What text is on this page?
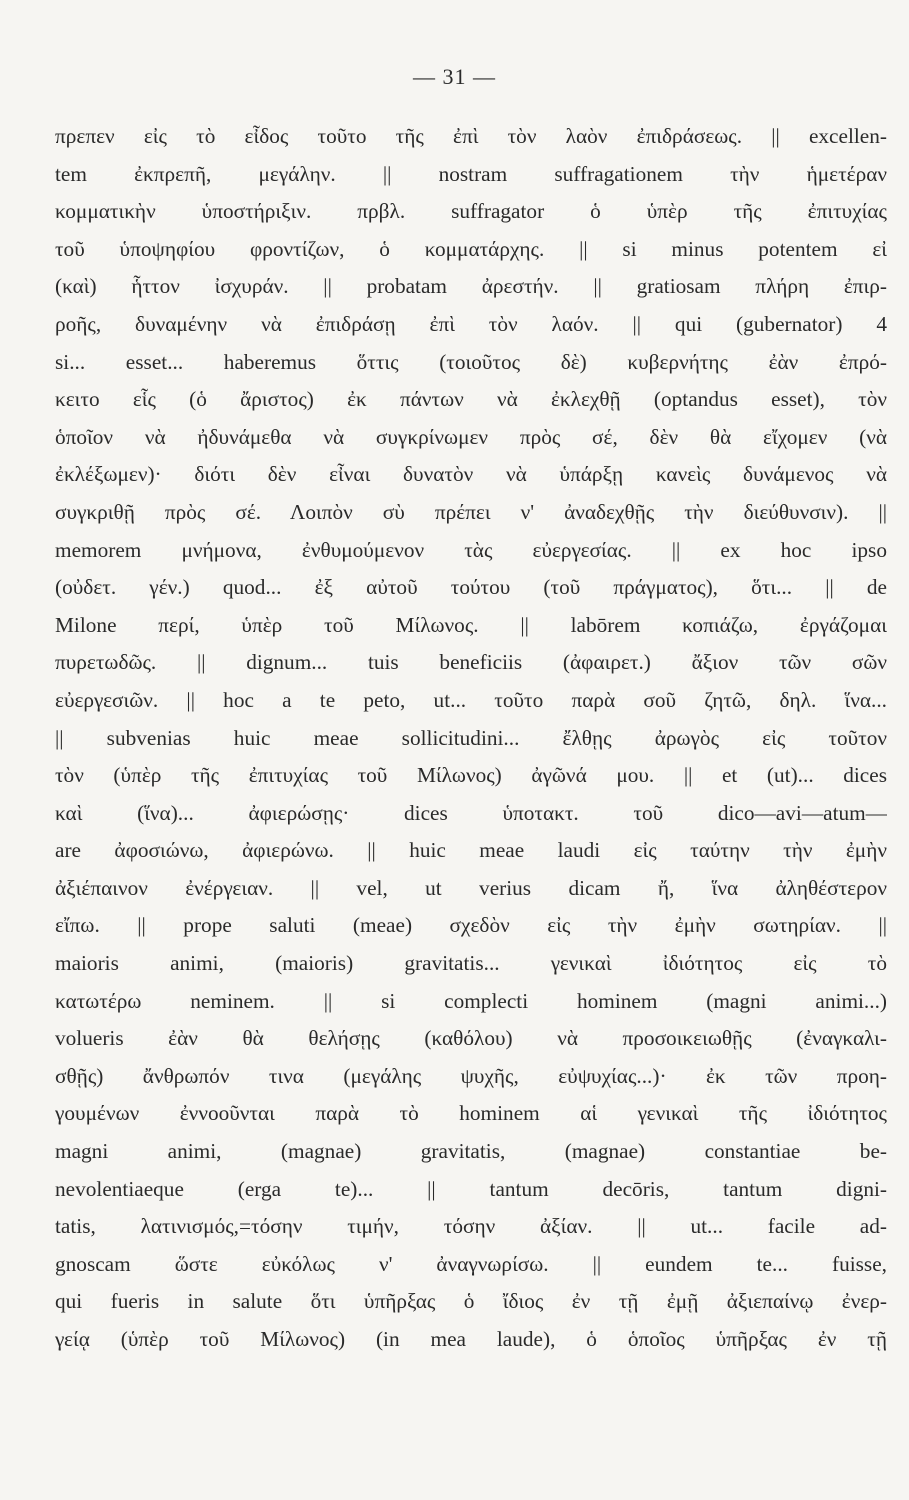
— 31 —
πρεπεν εἰς τὸ εἶδος τοῦτο τῆς ἐπὶ τὸν λαὸν ἐπιδράσεως. || excellen-
tem ἐκπρεπῆ, μεγάλην. || nostram suffragationem τὴν ἡμετέραν
κομματικὴν ὑποστήριξιν. πρβλ. suffragator ὁ ὑπὲρ τῆς ἐπιτυχίας
τοῦ ὑποψηφίου φροντίζων, ὁ κομματάρχης. || si minus potentem εἰ
(καὶ) ἧττον ἰσχυράν. || probatam ἀρεστήν. || gratiosam πλήρη ἐπιρ-
ροῆς, δυναμένην νὰ ἐπιδράσῃ ἐπὶ τὸν λαόν. || qui (gubernator) 4
si... esset... haberemus ὅττις (τοιοῦτος δὲ) κυβερνήτης ἐὰν ἐπρό-
κειτο εἷς (ὁ ἄριστος) ἐκ πάντων νὰ ἐκλεχθῇ (optandus esset), τὸν
ὁποῖον νὰ ἠδυνάμεθα νὰ συγκρίνωμεν πρὸς σέ, δὲν θὰ εἴχομεν (νὰ
ἐκλέξωμεν)· διότι δὲν εἶναι δυνατὸν νὰ ὑπάρξῃ κανεὶς δυνάμενος νὰ
συγκριθῇ πρὸς σέ. Λοιπὸν σὺ πρέπει ν' ἀναδεχθῇς τὴν διεύθυνσιν). ||
memorem μνήμονα, ἐνθυμούμενον τὰς εὐεργεσίας. || ex hoc ipso
(οὐδετ. γέν.) quod... ἐξ αὐτοῦ τούτου (τοῦ πράγματος), ὅτι... || de
Milone περί, ὑπὲρ τοῦ Μίλωνος. || labōrem κοπιάζω, ἐργάζομαι
πυρετωδῶς. || dignum... tuis beneficiis (ἀφαιρετ.) ἄξιον τῶν σῶν
εὐεργεσιῶν. || hoc a te peto, ut... τοῦτο παρὰ σοῦ ζητῶ, δηλ. ἵνα...
|| subvenias huic meae sollicitudini... ἔλθῃς ἀρωγὸς εἰς τοῦτον
τὸν (ὑπὲρ τῆς ἐπιτυχίας τοῦ Μίλωνος) ἀγῶνά μου. || et (ut)... dices
καὶ (ἵνα)... ἀφιερώσῃς· dices ὑποτακτ. τοῦ dico—avi—atum—
are ἀφοσιώνω, ἀφιερώνω. || huic meae laudi εἰς ταύτην τὴν ἐμὴν
ἀξιέπαινον ἐνέργειαν. || vel, ut verius dicam ἤ, ἵνα ἀληθέστερον
εἴπω. || prope saluti (meae) σχεδὸν εἰς τὴν ἐμὴν σωτηρίαν. ||
maioris animi, (maioris) gravitatis... γενικαὶ ἰδιότητος εἰς τὸ
κατωτέρω neminem. || si complecti hominem (magni animi...)
volueris ἐὰν θὰ θελήσῃς (καθόλου) νὰ προσοικειωθῇς (ἐναγκαλι-
σθῇς) ἄνθρωπόν τινα (μεγάλης ψυχῆς, εὐψυχίας...)· ἐκ τῶν προη-
γουμένων ἐννοοῦνται παρὰ τὸ hominem αἱ γενικαὶ τῆς ἰδιότητος
magni animi, (magnae) gravitatis, (magnae) constantiae be-
nevolentiaeque (erga te)... || tantum decōris, tantum digni-
tatis, λατινισμός,=τόσην τιμήν, τόσην ἀξίαν. || ut... facile ad-
gnoscam ὥστε εὐκόλως ν' ἀναγνωρίσω. || eundem te... fuisse,
qui fueris in salute ὅτι ὑπῆρξας ὁ ἴδιος ἐν τῇ ἐμῇ ἀξιεπαίνῳ ἐνερ-
γείᾳ (ὑπὲρ τοῦ Μίλωνος) (in mea laude), ὁ ὁποῖος ὑπῆρξας ἐν τῇ
